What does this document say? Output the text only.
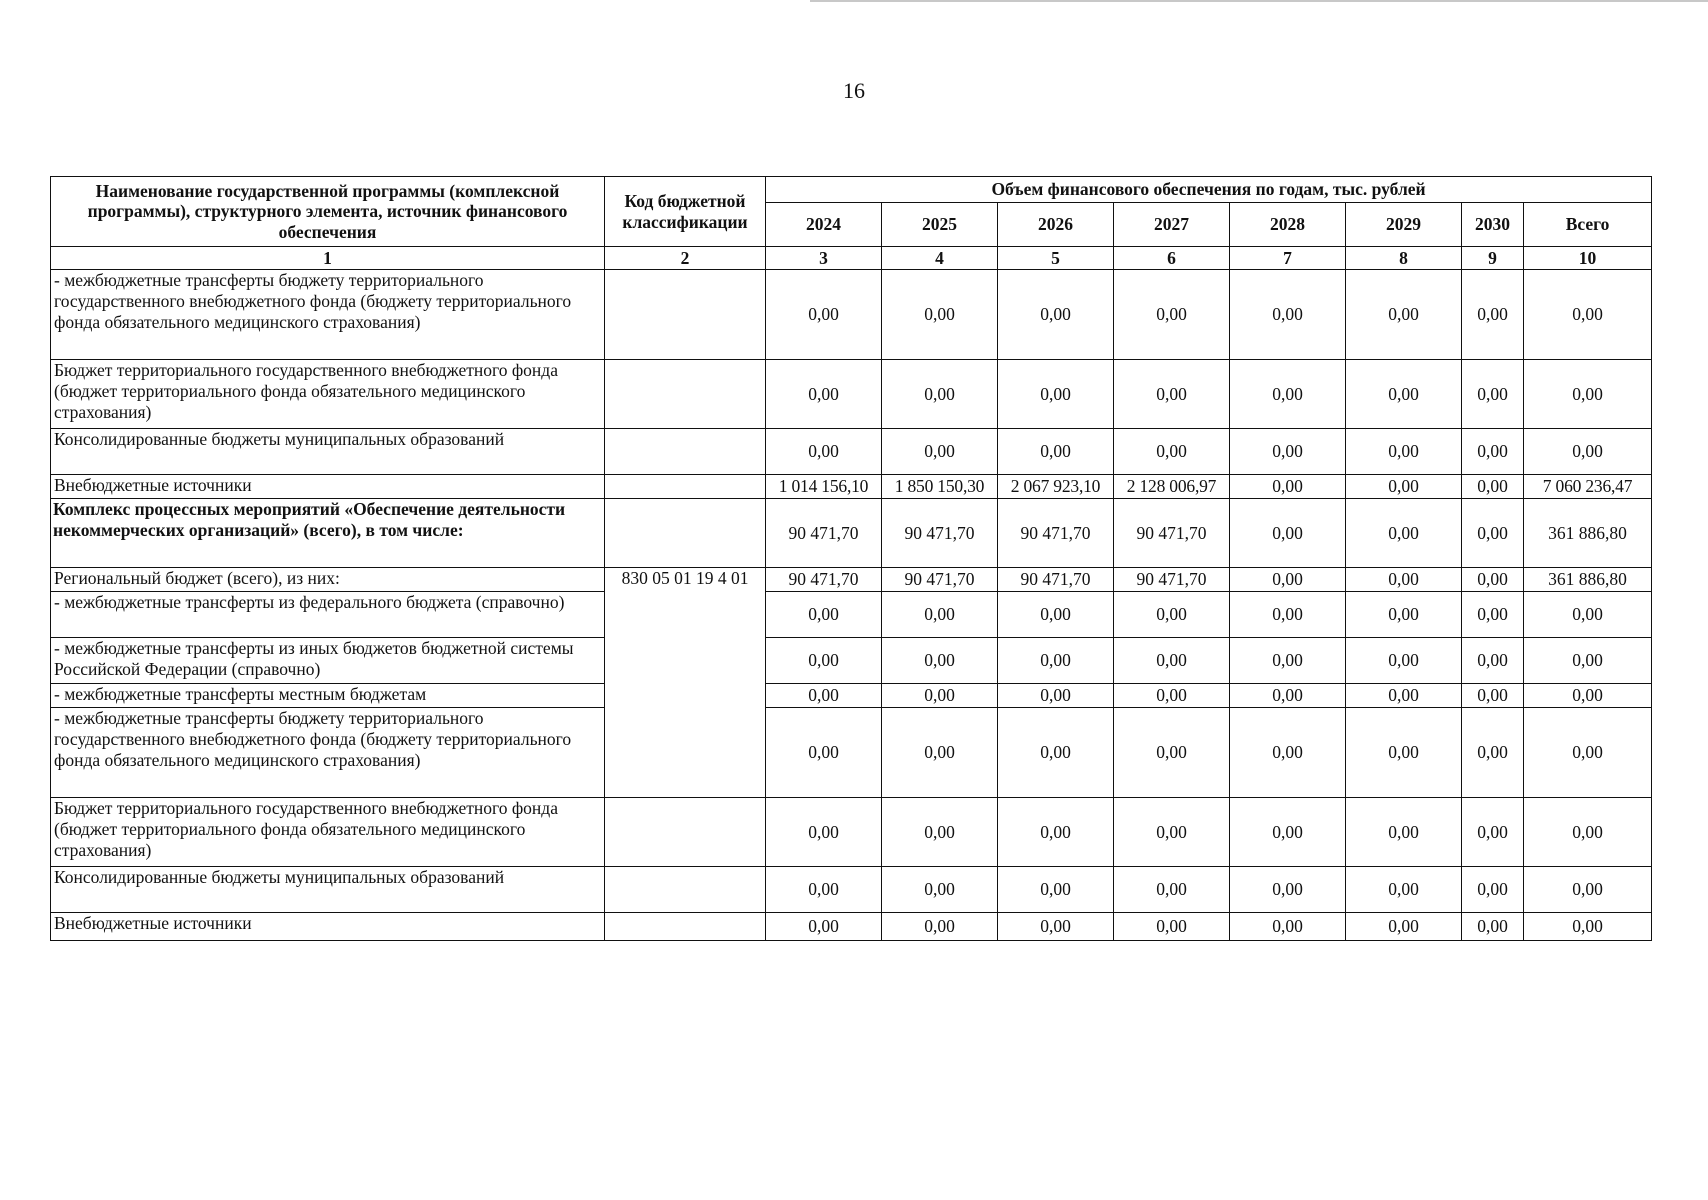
16
Наименование государственной программы (комплексной программы), структурного элемента, источник финансового обеспечения	Код бюджетной классификации	Объем финансового обеспечения по годам, тыс. рублей							
		2024	2025	2026	2027	2028	2029	2030	Всего
1	2	3	4	5	6	7	8	9	10
- межбюджетные трансферты бюджету территориального государственного внебюджетного фонда (бюджету территориального фонда обязательного медицинского страхования)		0,00	0,00	0,00	0,00	0,00	0,00	0,00	0,00
Бюджет территориального государственного внебюджетного фонда (бюджет территориального фонда обязательного медицинского страхования)		0,00	0,00	0,00	0,00	0,00	0,00	0,00	0,00
Консолидированные бюджеты муниципальных образований		0,00	0,00	0,00	0,00	0,00	0,00	0,00	0,00
Внебюджетные источники		1 014 156,10	1 850 150,30	2 067 923,10	2 128 006,97	0,00	0,00	0,00	7 060 236,47
Комплекс процессных мероприятий «Обеспечение деятельности некоммерческих организаций» (всего), в том числе:		90 471,70	90 471,70	90 471,70	90 471,70	0,00	0,00	0,00	361 886,80
Региональный бюджет (всего), из них:	830 05 01 19 4 01	90 471,70	90 471,70	90 471,70	90 471,70	0,00	0,00	0,00	361 886,80
- межбюджетные трансферты из федерального бюджета (справочно)		0,00	0,00	0,00	0,00	0,00	0,00	0,00	0,00
- межбюджетные трансферты из иных бюджетов бюджетной системы Российской Федерации (справочно)		0,00	0,00	0,00	0,00	0,00	0,00	0,00	0,00
- межбюджетные трансферты местным бюджетам		0,00	0,00	0,00	0,00	0,00	0,00	0,00	0,00
- межбюджетные трансферты бюджету территориального государственного внебюджетного фонда (бюджету территориального фонда обязательного медицинского страхования)		0,00	0,00	0,00	0,00	0,00	0,00	0,00	0,00
Бюджет территориального государственного внебюджетного фонда (бюджет территориального фонда обязательного медицинского страхования)		0,00	0,00	0,00	0,00	0,00	0,00	0,00	0,00
Консолидированные бюджеты муниципальных образований		0,00	0,00	0,00	0,00	0,00	0,00	0,00	0,00
Внебюджетные источники		0,00	0,00	0,00	0,00	0,00	0,00	0,00	0,00
